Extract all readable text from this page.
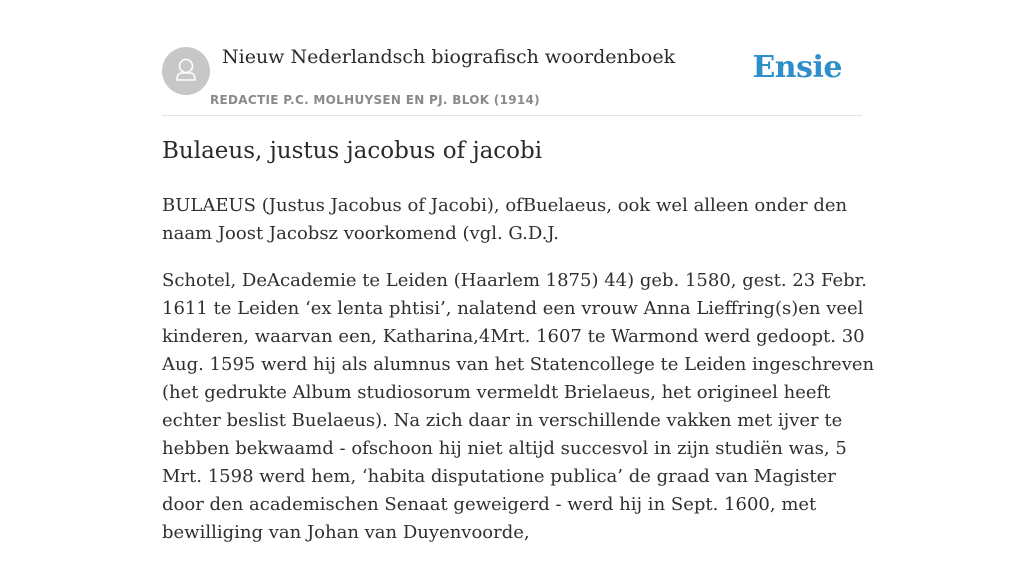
Nieuw Nederlandsch biografisch woordenboek
REDACTIE P.C. MOLHUYSEN EN PJ. BLOK (1914)
Ensie
Bulaeus, justus jacobus of jacobi

BULAEUS (Justus Jacobus of Jacobi), ofBuelaeus, ook wel alleen onder den naam Joost Jacobsz voorkomend (vgl. G.D.J.

Schotel, DeAcademie te Leiden (Haarlem 1875) 44) geb. 1580, gest. 23 Febr. 1611 te Leiden ‘ex lenta phtisi’, nalatend een vrouw Anna Lieffring(s)en veel kinderen, waarvan een, Katharina,4Mrt. 1607 te Warmond werd gedoopt. 30 Aug. 1595 werd hij als alumnus van het Statencollege te Leiden ingeschreven (het gedrukte Album studiosorum vermeldt Brielaeus, het origineel heeft echter beslist Buelaeus). Na zich daar in verschillende vakken met ijver te hebben bekwaamd - ofschoon hij niet altijd succesvol in zijn studiën was, 5 Mrt. 1598 werd hem, ‘habita disputatione publica’ de graad van Magister door den academischen Senaat geweigerd - werd hij in Sept. 1600, met bewilliging van Johan van Duyenvoorde,
